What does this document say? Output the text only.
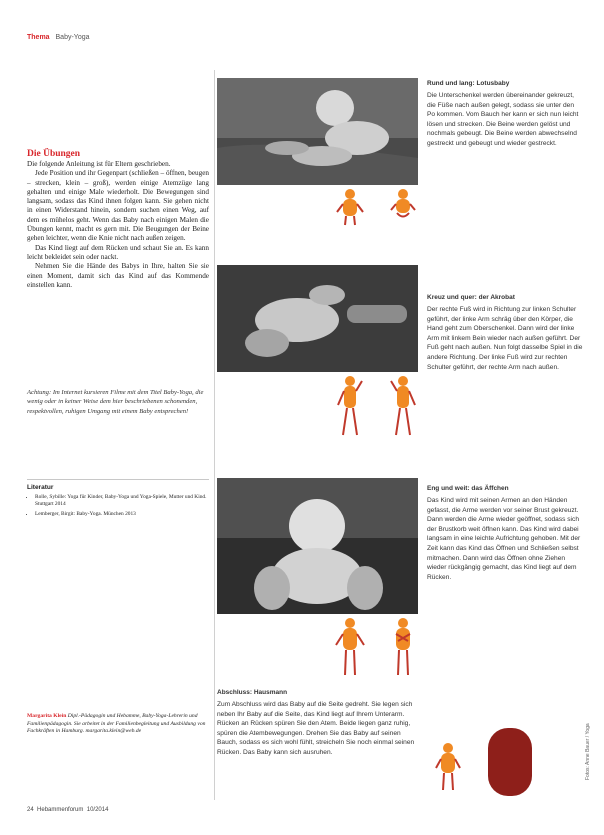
Thema Baby-Yoga
Die Übungen

Die folgende Anleitung ist für Eltern geschrieben.

Jede Position und ihr Gegenpart (schließen – öffnen, beugen – strecken, klein – groß), werden einige Atemzüge lang gehalten und einige Male wiederholt. Die Bewegungen sind langsam, sodass das Kind ihnen folgen kann. Sie gehen nicht in einen Widerstand hinein, sondern suchen einen Weg, auf dem es mühelos geht. Wenn das Baby nach einigen Malen die Übungen kennt, macht es gern mit. Die Beugungen der Beine gehen leichter, wenn die Knie nicht nach außen zeigen.

Das Kind liegt auf dem Rücken und schaut Sie an. Es kann leicht bekleidet sein oder nackt.

Nehmen Sie die Hände des Babys in Ihre, halten Sie sie einen Moment, damit sich das Kind auf das Kommende einstellen kann.

Achtung: Im Internet kursieren Filme mit dem Titel Baby-Yoga, die wenig oder in keiner Weise dem hier beschriebenen schonenden, respektvollen, ruhigen Umgang mit einem Baby entsprechen!
Literatur
• Rolle, Sybille: Yoga für Kinder, Baby-Yoga und Yoga-Spiele, Mutter und Kind. Stuttgart 2014
• Lemberger, Birgit: Baby-Yoga. München 2013
Margarita Klein Dipl.-Pädagogin und Hebamme, Baby-Yoga-Lehrerin und Familienpädagogin. Sie arbeitet in der Familienbegleitung und Ausbildung von Fachkräften in Hamburg. margarita.klein@web.de
24 Hebammenforum 10/2014
Rund und lang: Lotusbaby
Die Unterschenkel werden übereinander gekreuzt, die Füße nach außen gelegt, sodass sie unter den Po kommen. Vom Bauch her kann er sich nun leicht lösen und strecken. Die Beine werden gelöst und nochmals gebeugt. Die Beine werden abwechselnd gestreckt und gebeugt und wieder gestreckt.
Kreuz und quer: der Akrobat
Der rechte Fuß wird in Richtung zur linken Schulter geführt, der linke Arm schräg über den Körper, die Hand geht zum Oberschenkel. Dann wird der linke Arm mit linkem Bein wieder nach außen geführt. Der Fuß geht nach außen. Nun folgt dasselbe Spiel in die andere Richtung. Der linke Fuß wird zur rechten Schulter geführt, der rechte Arm nach außen.
Eng und weit: das Äffchen
Das Kind wird mit seinen Armen an den Händen gefasst, die Arme werden vor seiner Brust gekreuzt. Dann werden die Arme wieder geöffnet, sodass sich der Brustkorb weit öffnen kann. Das Kind wird dabei langsam in eine leichte Aufrichtung gehoben. Mit der Zeit kann das Kind das Öffnen und Schließen selbst mitmachen. Dann wird das Öffnen ohne Ziehen wieder rückgängig gemacht, das Kind liegt auf dem Rücken.
Abschluss: Hausmann
Zum Abschluss wird das Baby auf die Seite gedreht. Sie legen sich neben Ihr Baby auf die Seite, das Kind liegt auf Ihrem Unterarm. Rücken an Rücken spüren Sie den Atem. Beide liegen ganz ruhig, spüren die Atembewegungen. Drehen Sie das Baby auf seinen Bauch, sodass es sich wohl fühlt, streicheln Sie noch einmal seinen Rücken. Das Baby kann sich ausruhen.	Fotos: Anne Bauer / Yoga
